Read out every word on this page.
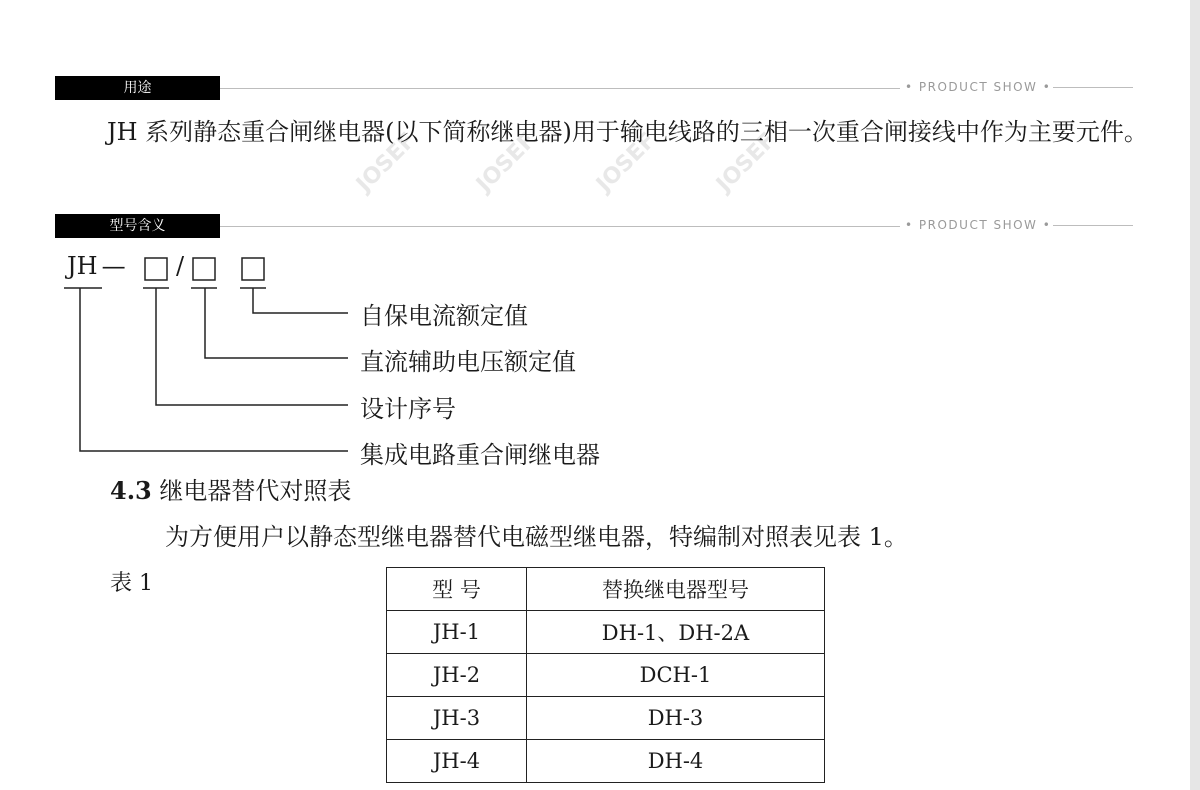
用途	• PRODUCT SHOW •

JH 系列静态重合闸继电器(以下简称继电器)用于输电线路的三相一次重合闸接线中作为主要元件。

JOSEF JOSEF JOSEF JOSEF
型号含义	• PRODUCT SHOW •
JH — /
自保电流额定值
直流辅助电压额定值
设计序号
集成电路重合闸继电器
4.3 继电器替代对照表
为方便用户以静态型继电器替代电磁型继电器，特编制对照表见表 1。
表 1	型 号	替换继电器型号
JH-1	DH-1、DH-2A
JH-2	DCH-1
JH-3	DH-3
JH-4	DH-4
